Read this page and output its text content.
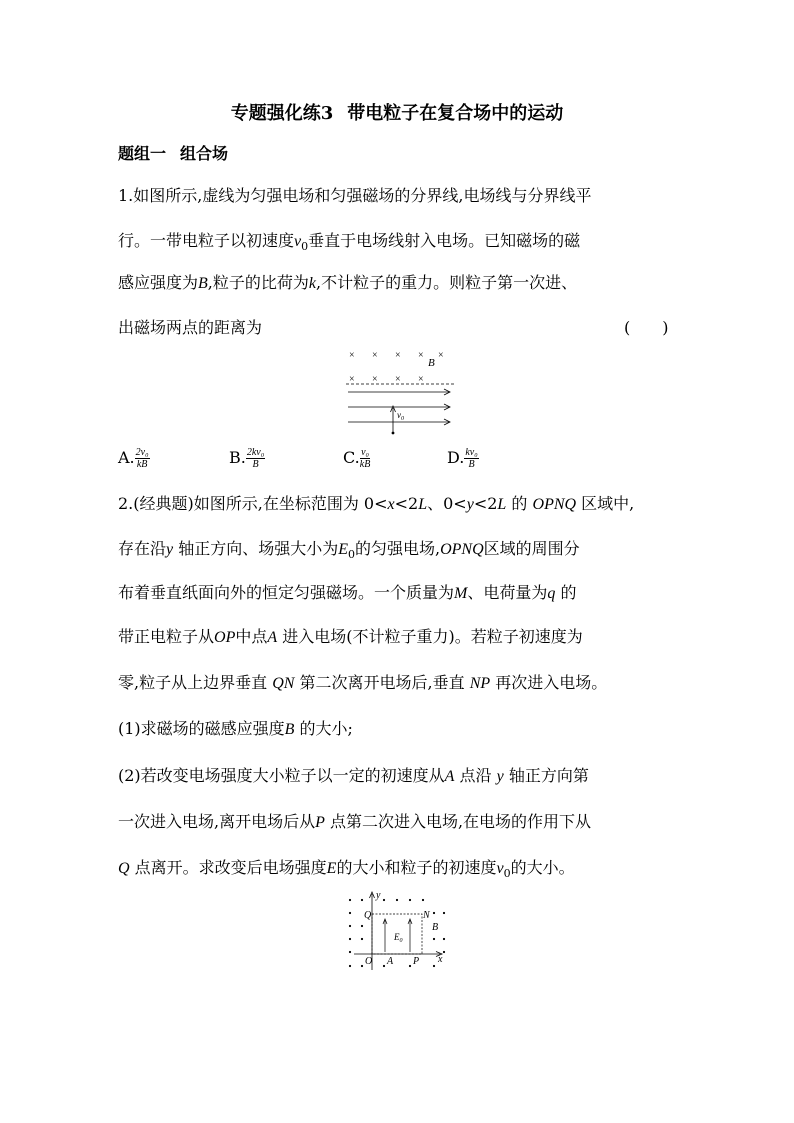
专题强化练3 带电粒子在复合场中的运动
题组一 组合场
1.如图所示,虚线为匀强电场和匀强磁场的分界线,电场线与分界线平
行。一带电粒子以初速度$v_0$垂直于电场线射入电场。已知磁场的磁
感应强度为B,粒子的比荷为k,不计粒子的重力。则粒子第一次进、
出磁场两点的距离为	(　　)
× × × × ×
× × × ×
B
$v_0$
A. $\frac{\text{2v₀}}{kB}$	B. $\frac{\text{2kv₀}}{B}$	C. $\frac{\text{v₀}}{kB}$	D. $\frac{\text{kv₀}}{B}$
2.(经典题)如图所示,在坐标范围为 0<x<2L、0<y<2L 的 OPNQ 区域中,
存在沿y 轴正方向、场强大小为$E_0$的匀强电场,OPNQ区域的周围分
布着垂直纸面向外的恒定匀强磁场。一个质量为M、电荷量为q 的
带正电粒子从OP中点A 进入电场(不计粒子重力)。若粒子初速度为
零,粒子从上边界垂直 QN 第二次离开电场后,垂直 NP 再次进入电场。
(1)求磁场的磁感应强度B 的大小;
(2)若改变电场强度大小粒子以一定的初速度从A 点沿 y 轴正方向第
一次进入电场,离开电场后从P 点第二次进入电场,在电场的作用下从
Q 点离开。求改变后电场强度E的大小和粒子的初速度$v_0$的大小。
y
Q	N
B
$E_0$
O A P x
